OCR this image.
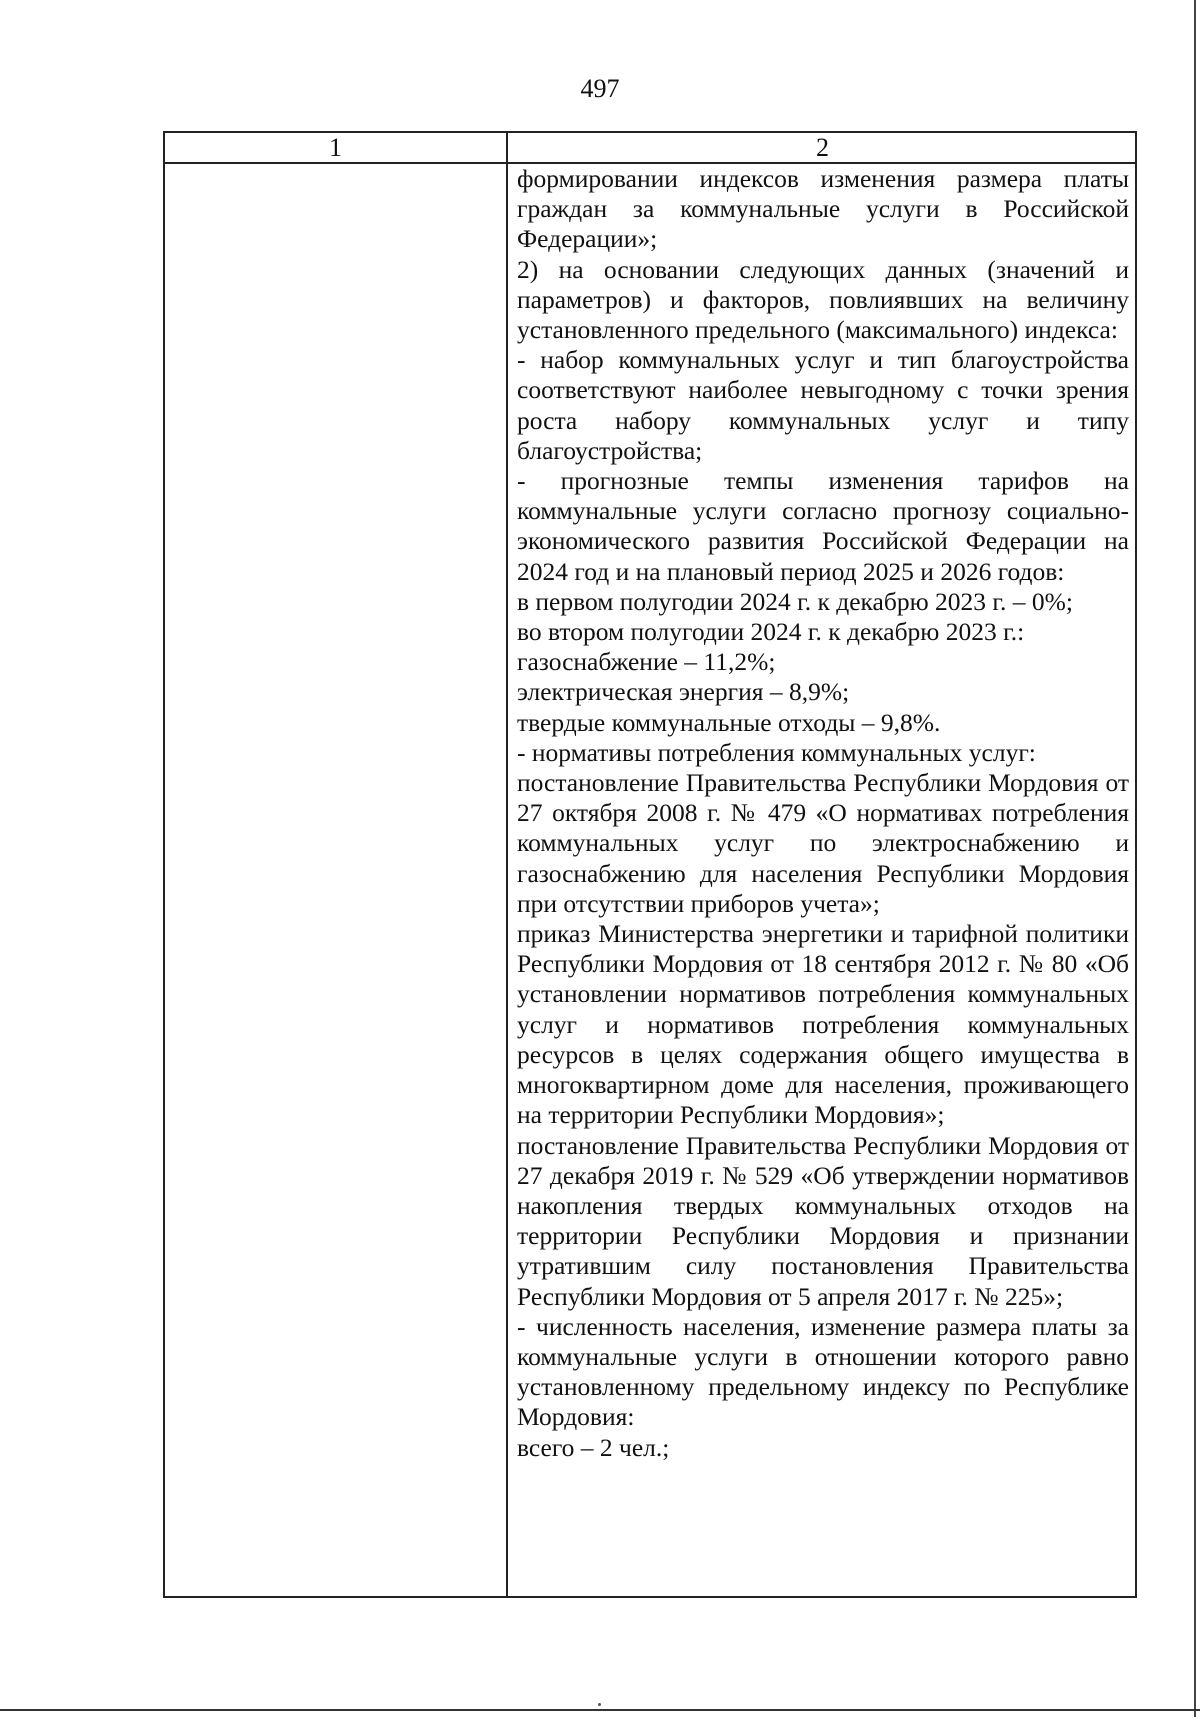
497
1	2

формировании индексов изменения размера платы граждан за коммунальные услуги в Российской Федерации»;

2) на основании следующих данных (значений и параметров) и факторов, повлиявших на величину установленного предельного (максимального) индекса:

- набор коммунальных услуг и тип благоустройства соответствуют наиболее невыгодному с точки зрения роста набору коммунальных услуг и типу благоустройства;

- прогнозные темпы изменения тарифов на коммунальные услуги согласно прогнозу социально-экономического развития Российской Федерации на 2024 год и на плановый период 2025 и 2026 годов:

в первом полугодии 2024 г. к декабрю 2023 г. – 0%;

во втором полугодии 2024 г. к декабрю 2023 г.:

газоснабжение – 11,2%;

электрическая энергия – 8,9%;

твердые коммунальные отходы – 9,8%.

- нормативы потребления коммунальных услуг:

постановление Правительства Республики Мордовия от 27 октября 2008 г. № 479 «О нормативах потребления коммунальных услуг по электроснабжению и газоснабжению для населения Республики Мордовия при отсутствии приборов учета»;

приказ Министерства энергетики и тарифной политики Республики Мордовия от 18 сентября 2012 г. № 80 «Об установлении нормативов потребления коммунальных услуг и нормативов потребления коммунальных ресурсов в целях содержания общего имущества в многоквартирном доме для населения, проживающего на территории Республики Мордовия»;

постановление Правительства Республики Мордовия от 27 декабря 2019 г. № 529 «Об утверждении нормативов накопления твердых коммунальных отходов на территории Республики Мордовия и признании утратившим силу постановления Правительства Республики Мордовия от 5 апреля 2017 г. № 225»;

- численность населения, изменение размера платы за коммунальные услуги в отношении которого равно установленному предельному индексу по Республике Мордовия:

всего – 2 чел.;
